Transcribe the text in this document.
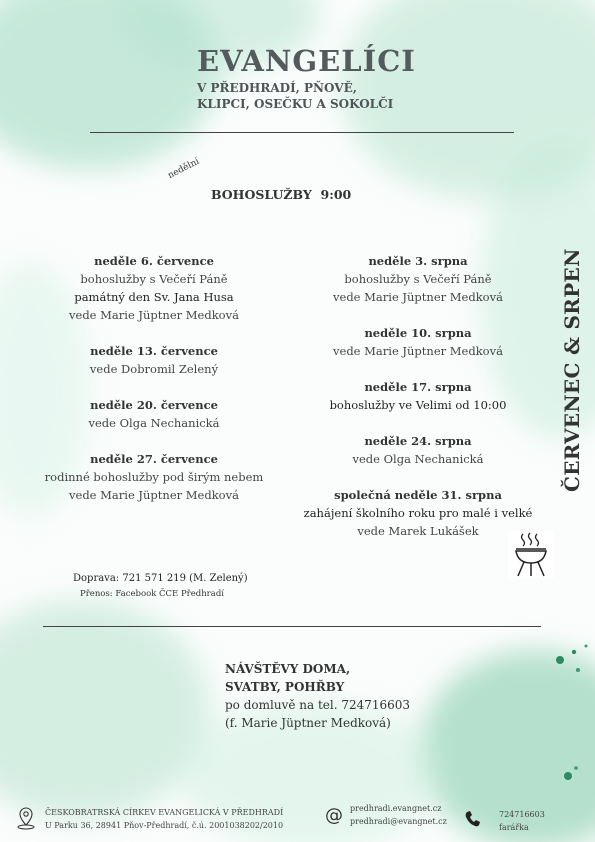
EVANGELÍCI
V PŘEDHRADÍ, PŇOVĚ,
KLIPCI, OSEČKU A SOKOLČI
nedělní
BOHOSLUŽBY  9:00
neděle 6. července
bohoslužby s Večeří Páně
památný den Sv. Jana Husa
vede Marie Jüptner Medková
neděle 13. července
vede Dobromil Zelený
neděle 20. července
vede Olga Nechanická
neděle 27. července
rodinné bohoslužby pod širým nebem
vede Marie Jüptner Medková
neděle 3. srpna
bohoslužby s Večeří Páně
vede Marie Jüptner Medková
neděle 10. srpna
vede Marie Jüptner Medková
neděle 17. srpna
bohoslužby ve Velimi od 10:00
neděle 24. srpna
vede Olga Nechanická
společná neděle 31. srpna
zahájení školního roku pro malé i velké
vede Marek Lukášek
ČERVENEC & SRPEN
Doprava: 721 571 219 (M. Zelený)
Přenos: Facebook ČCE Předhradí
NÁVŠTĚVY DOMA,
SVATBY, POHŘBY
po domluvě na tel. 724716603
(f. Marie Jüptner Medková)
ČESKOBRATRSKÁ CÍRKEV EVANGELICKÁ V PŘEDHRADÍ
U Parku 36, 28941 Pňov-Předhradí, č.ú. 2001038202/2010 @ predhradi.evangnet.cz
predhradi@evangnet.cz
724716603
farářka
